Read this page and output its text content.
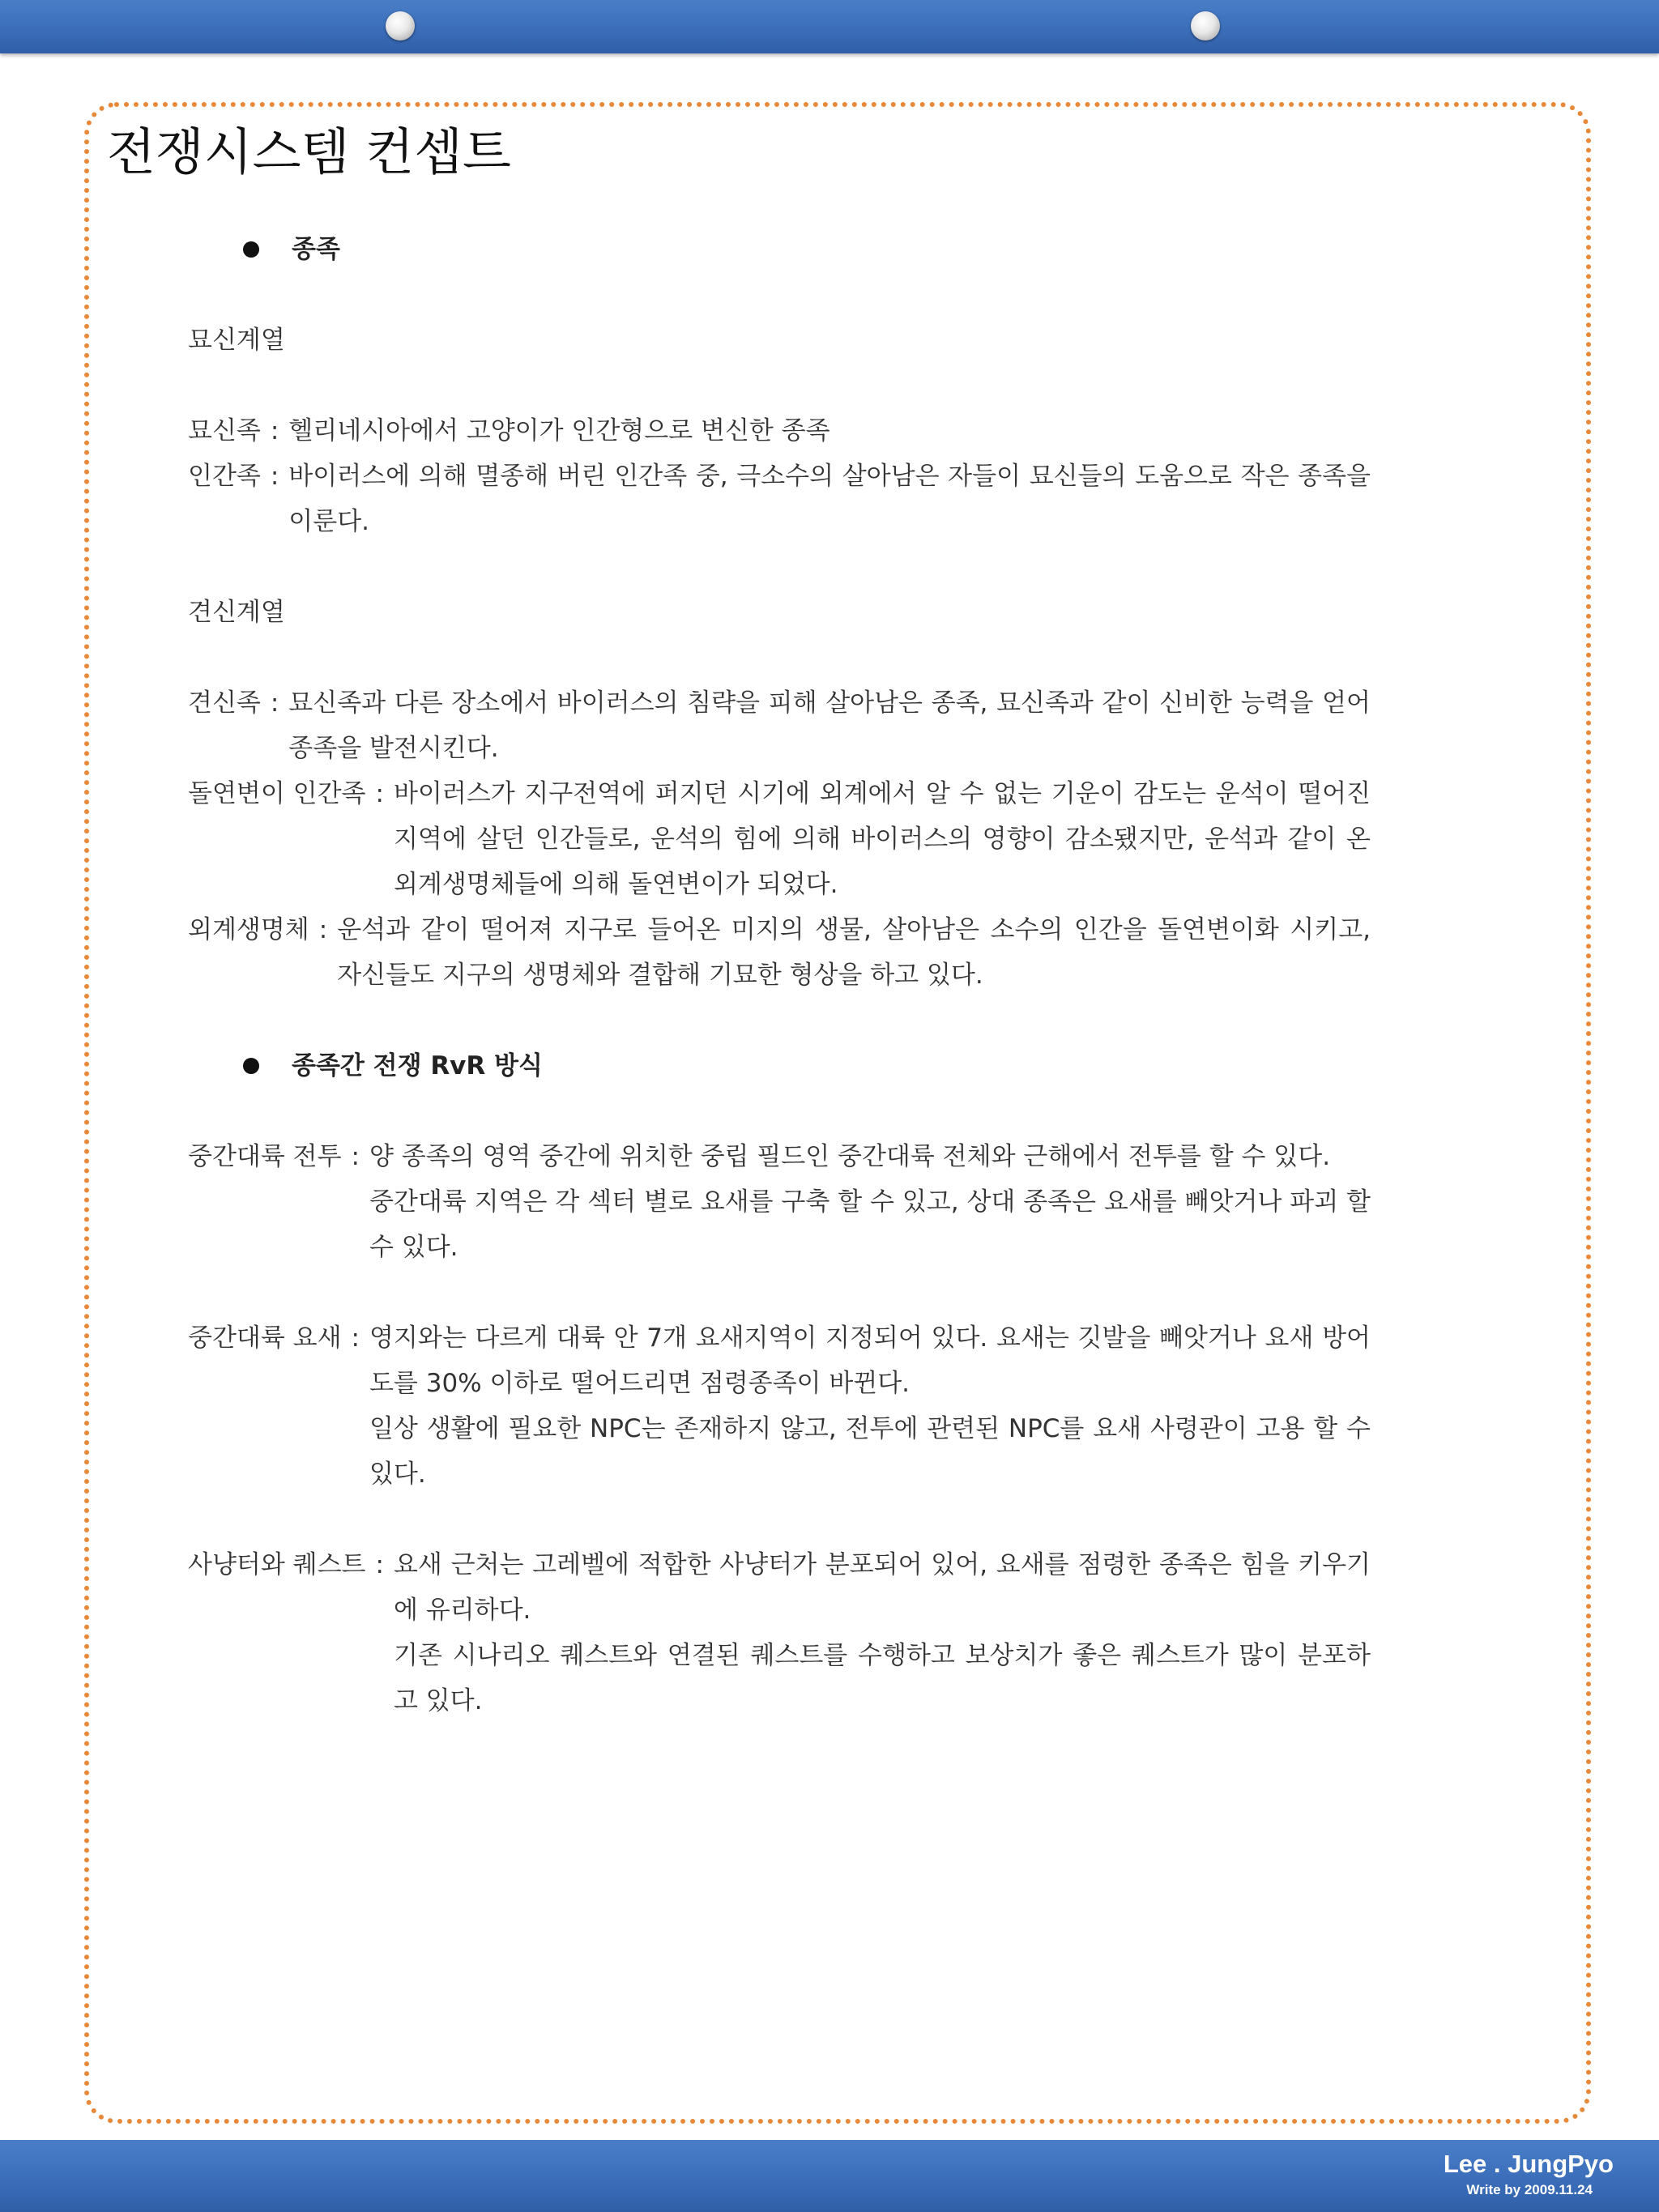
전쟁시스템 컨셉트
종족
묘신계열
묘신족 : 헬리네시아에서 고양이가 인간형으로 변신한 종족

인간족 : 바이러스에 의해 멸종해 버린 인간족 중, 극소수의 살아남은 자들이 묘신들의 도움으로 작은 종족을 이룬다.

견신계열
견신족 : 묘신족과 다른 장소에서 바이러스의 침략을 피해 살아남은 종족, 묘신족과 같이 신비한 능력을 얻어 종족을 발전시킨다.

돌연변이 인간족 : 바이러스가 지구전역에 퍼지던 시기에 외계에서 알 수 없는 기운이 감도는 운석이 떨어진 지역에 살던 인간들로, 운석의 힘에 의해 바이러스의 영향이 감소됐지만, 운석과 같이 온 외계생명체들에 의해 돌연변이가 되었다.

외계생명체 : 운석과 같이 떨어져 지구로 들어온 미지의 생물, 살아남은 소수의 인간을 돌연변이화 시키고, 자신들도 지구의 생명체와 결합해 기묘한 형상을 하고 있다.

종족간 전쟁 RvR 방식
중간대륙 전투 : 양 종족의 영역 중간에 위치한 중립 필드인 중간대륙 전체와 근해에서 전투를 할 수 있다.

중간대륙 지역은 각 섹터 별로 요새를 구축 할 수 있고, 상대 종족은 요새를 빼앗거나 파괴 할 수 있다.

중간대륙 요새 : 영지와는 다르게 대륙 안 7개 요새지역이 지정되어 있다. 요새는 깃발을 빼앗거나 요새 방어도를 30% 이하로 떨어드리면 점령종족이 바뀐다.

일상 생활에 필요한 NPC는 존재하지 않고, 전투에 관련된 NPC를 요새 사령관이 고용 할 수 있다.

사냥터와 퀘스트 : 요새 근처는 고레벨에 적합한 사냥터가 분포되어 있어, 요새를 점령한 종족은 힘을 키우기에 유리하다.

기존 시나리오 퀘스트와 연결된 퀘스트를 수행하고 보상치가 좋은 퀘스트가 많이 분포하고 있다.

Lee . JungPyo
Write by 2009.11.24
